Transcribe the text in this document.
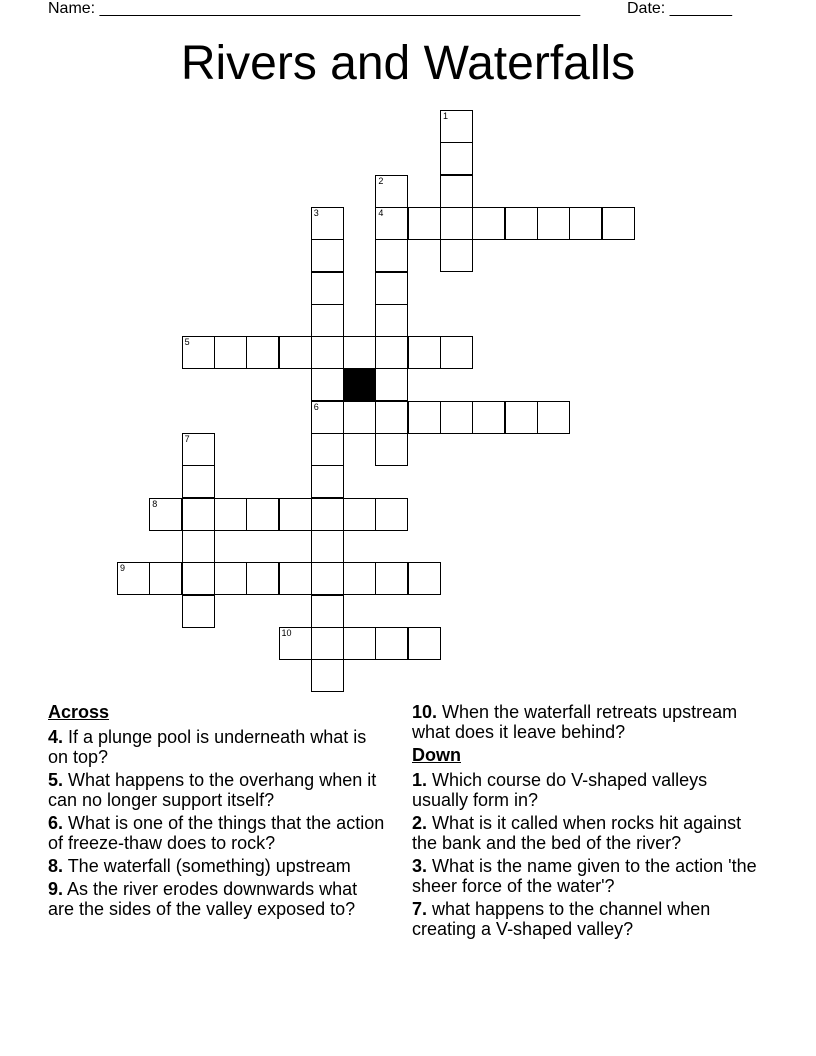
Name: ______________________________________________________	Date: _______
Rivers and Waterfalls
1
2
4
3
6
5
7
8
9
10
Across
4. If a plunge pool is underneath what is on top?
5. What happens to the overhang when it can no longer support itself?
6. What is one of the things that the action of freeze-thaw does to rock?
8. The waterfall (something) upstream
9. As the river erodes downwards what are the sides of the valley exposed to?
10. When the waterfall retreats upstream what does it leave behind?
Down
1. Which course do V-shaped valleys usually form in?
2. What is it called when rocks hit against the bank and the bed of the river?
3. What is the name given to the action 'the sheer force of the water'?
7. what happens to the channel when creating a V-shaped valley?
